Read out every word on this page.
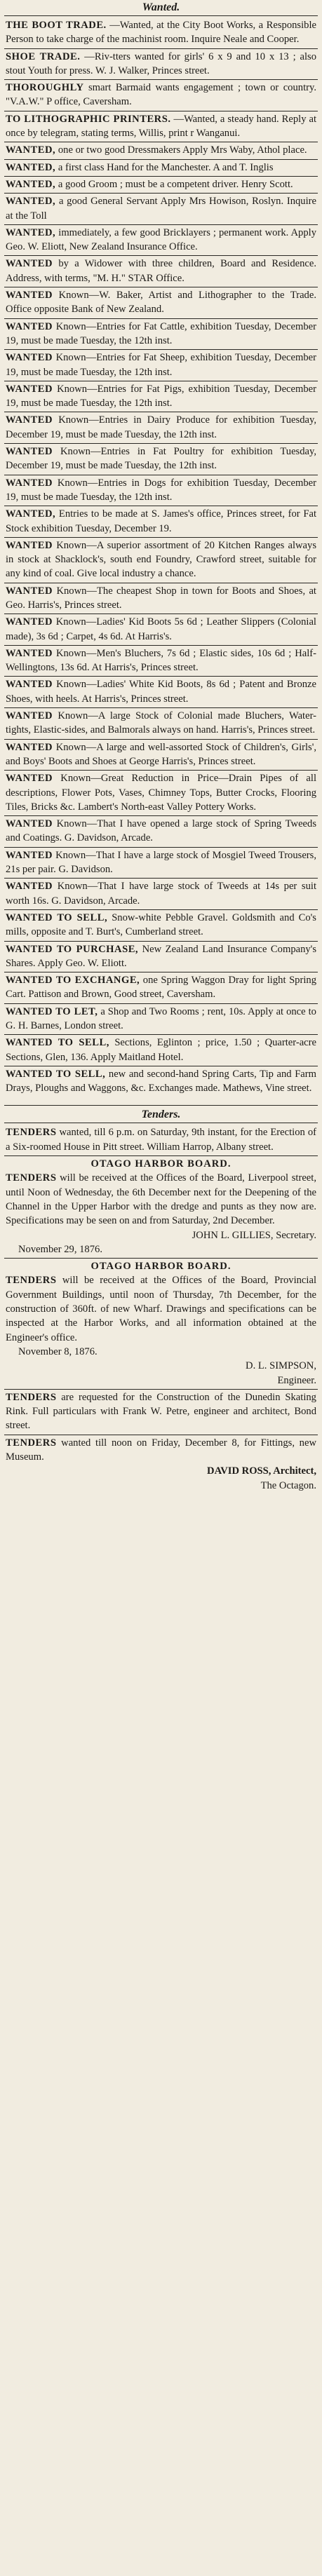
Wanted.

THE BOOT TRADE. —Wanted, at the City Boot Works, a Responsible Person to take charge of the machinist room. Inquire Neale and Cooper.

SHOE TRADE. —Riv-tters wanted for girls' 6 x 9 and 10 x 13 ; also stout Youth for press. W. J. Walker, Princes street.

THOROUGHLY smart Barmaid wants engagement ; town or country. "V.A.W." P office, Caversham.

TO LITHOGRAPHIC PRINTERS. —Wanted, a steady hand. Reply at once by telegram, stating terms, Willis, print r Wanganui.

WANTED, one or two good Dressmakers Apply Mrs Waby, Athol place.

WANTED, a first class Hand for the Manchester. A and T. Inglis

WANTED, a good Groom ; must be a competent driver. Henry Scott.

WANTED, a good General Servant Apply Mrs Howison, Roslyn. Inquire at the Toll

WANTED, immediately, a few good Bricklayers ; permanent work. Apply Geo. W. Eliott, New Zealand Insurance Office.

WANTED by a Widower with three children, Board and Residence. Address, with terms, "M. H." STAR Office.

WANTED Known—W. Baker, Artist and Lithographer to the Trade. Office opposite Bank of New Zealand.

WANTED Known—Entries for Fat Cattle, exhibition Tuesday, December 19, must be made Tuesday, the 12th inst.

WANTED Known—Entries for Fat Sheep, exhibition Tuesday, December 19, must be made Tuesday, the 12th inst.

WANTED Known—Entries for Fat Pigs, exhibition Tuesday, December 19, must be made Tuesday, the 12th inst.

WANTED Known—Entries in Dairy Produce for exhibition Tuesday, December 19, must be made Tuesday, the 12th inst.

WANTED Known—Entries in Fat Poultry for exhibition Tuesday, December 19, must be made Tuesday, the 12th inst.

WANTED Known—Entries in Dogs for exhibition Tuesday, December 19, must be made Tuesday, the 12th inst.

WANTED, Entries to be made at S. James's office, Princes street, for Fat Stock exhibition Tuesday, December 19.

WANTED Known—A superior assortment of 20 Kitchen Ranges always in stock at Shacklock's, south end Foundry, Crawford street, suitable for any kind of coal. Give local industry a chance.

WANTED Known—The cheapest Shop in town for Boots and Shoes, at Geo. Harris's, Princes street.

WANTED Known—Ladies' Kid Boots 5s 6d ; Leather Slippers (Colonial made), 3s 6d ; Carpet, 4s 6d. At Harris's.

WANTED Known—Men's Bluchers, 7s 6d ; Elastic sides, 10s 6d ; Half-Wellingtons, 13s 6d. At Harris's, Princes street.

WANTED Known—Ladies' White Kid Boots, 8s 6d ; Patent and Bronze Shoes, with heels. At Harris's, Princes street.

WANTED Known—A large Stock of Colonial made Bluchers, Water-tights, Elastic-sides, and Balmorals always on hand. Harris's, Princes street.

WANTED Known—A large and well-assorted Stock of Children's, Girls', and Boys' Boots and Shoes at George Harris's, Princes street.

WANTED Known—Great Reduction in Price—Drain Pipes of all descriptions, Flower Pots, Vases, Chimney Tops, Butter Crocks, Flooring Tiles, Bricks &c. Lambert's North-east Valley Pottery Works.

WANTED Known—That I have opened a large stock of Spring Tweeds and Coatings. G. Davidson, Arcade.

WANTED Known—That I have a large stock of Mosgiel Tweed Trousers, 21s per pair. G. Davidson.

WANTED Known—That I have large stock of Tweeds at 14s per suit worth 16s. G. Davidson, Arcade.

WANTED TO SELL, Snow-white Pebble Gravel. Goldsmith and Co's mills, opposite and T. Burt's, Cumberland street.

WANTED TO PURCHASE, New Zealand Land Insurance Company's Shares. Apply Geo. W. Eliott.

WANTED TO EXCHANGE, one Spring Waggon Dray for light Spring Cart. Pattison and Brown, Good street, Caversham.

WANTED TO LET, a Shop and Two Rooms ; rent, 10s. Apply at once to G. H. Barnes, London street.

WANTED TO SELL, Sections, Eglinton ; price, 1.50 ; Quarter-acre Sections, Glen, 136. Apply Maitland Hotel.

WANTED TO SELL, new and second-hand Spring Carts, Tip and Farm Drays, Ploughs and Waggons, &c. Exchanges made. Mathews, Vine street.

Tenders.

TENDERS wanted, till 6 p.m. on Saturday, 9th instant, for the Erection of a Six-roomed House in Pitt street. William Harrop, Albany street.

OTAGO HARBOR BOARD.
TENDERS will be received at the Offices of the Board, Liverpool street, until Noon of Wednesday, the 6th December next for the Deepening of the Channel in the Upper Harbor with the dredge and punts as they now are. Specifications may be seen on and from Saturday, 2nd December.
JOHN L. GILLIES, Secretary.
November 29, 1876.

OTAGO HARBOR BOARD.
TENDERS will be received at the Offices of the Board, Provincial Government Buildings, until noon of Thursday, 7th December, for the construction of 360ft. of new Wharf. Drawings and specifications can be inspected at the Harbor Works, and all information obtained at the Engineer's office.
November 8, 1876.
D. L. SIMPSON,
Engineer.

TENDERS are requested for the Construction of the Dunedin Skating Rink. Full particulars with Frank W. Petre, engineer and architect, Bond street.

TENDERS wanted till noon on Friday, December 8, for Fittings, new Museum.
DAVID ROSS, Architect,
The Octagon.
